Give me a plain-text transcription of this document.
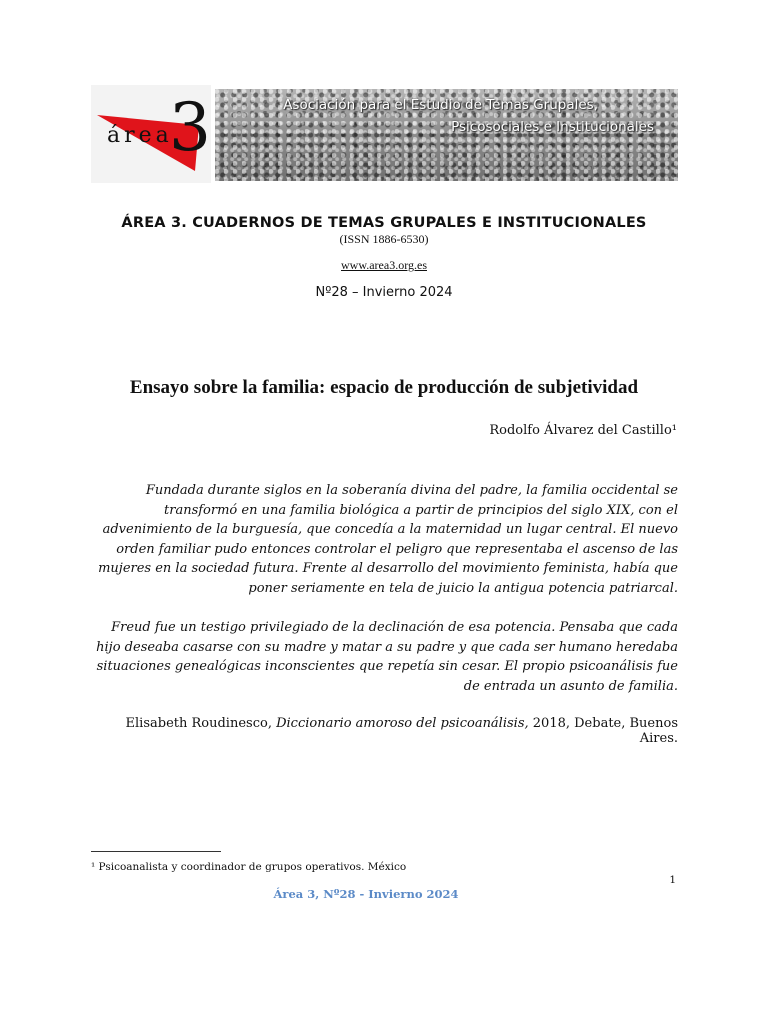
3
área
Asociación para el Estudio de Temas Grupales,
Psicosociales e Institucionales
ÁREA 3. CUADERNOS DE TEMAS GRUPALES E INSTITUCIONALES
(ISSN 1886-6530)
www.area3.org.es
Nº28 – Invierno 2024
Ensayo sobre la familia: espacio de producción de subjetividad
Rodolfo Álvarez del Castillo¹
Fundada durante siglos en la soberanía divina del padre, la familia occidental se transformó en una familia biológica a partir de principios del siglo XIX, con el advenimiento de la burguesía, que concedía a la maternidad un lugar central. El nuevo orden familiar pudo entonces controlar el peligro que representaba el ascenso de las mujeres en la sociedad futura. Frente al desarrollo del movimiento feminista, había que poner seriamente en tela de juicio la antigua potencia patriarcal.
Freud fue un testigo privilegiado de la declinación de esa potencia. Pensaba que cada hijo deseaba casarse con su madre y matar a su padre y que cada ser humano heredaba situaciones genealógicas inconscientes que repetía sin cesar. El propio psicoanálisis fue de entrada un asunto de familia.
Elisabeth Roudinesco, Diccionario amoroso del psicoanálisis, 2018, Debate, Buenos Aires.
¹ Psicoanalista y coordinador de grupos operativos. México
1
Área 3, Nº28 - Invierno 2024
